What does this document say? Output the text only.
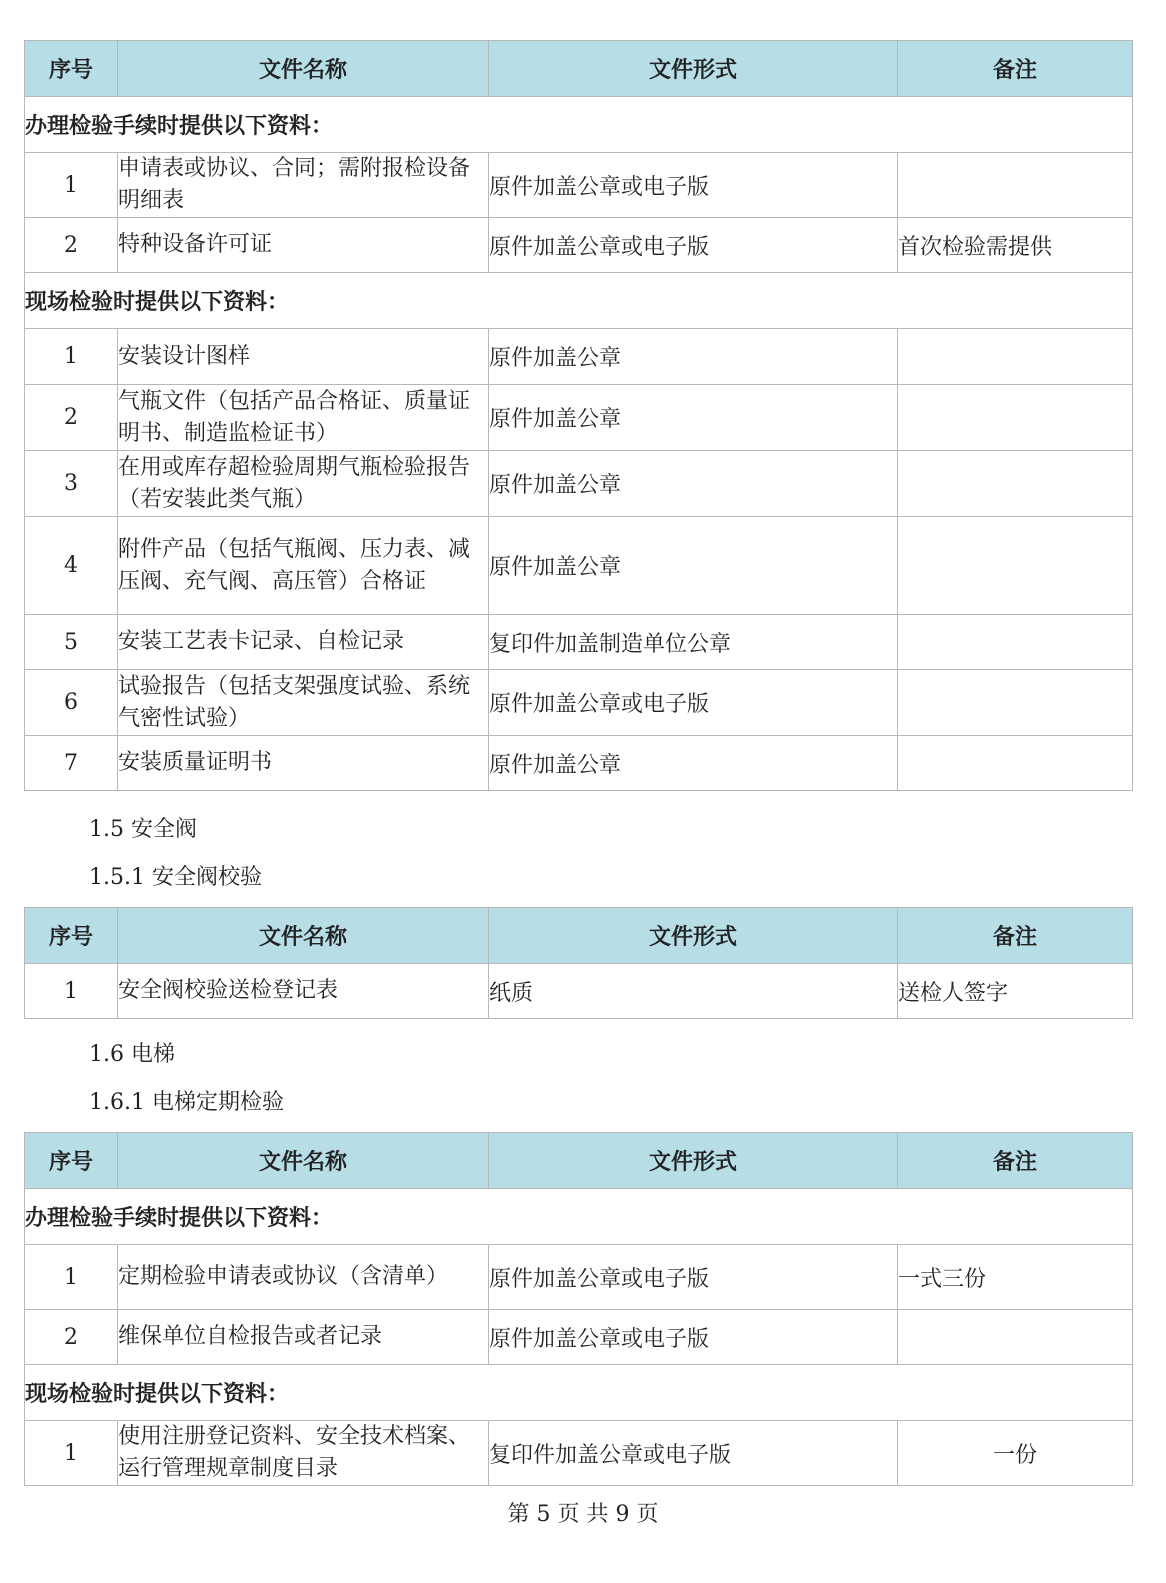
序号	文件名称	文件形式	备注
办理检验手续时提供以下资料：			
1	申请表或协议、合同；需附报检设备明细表	原件加盖公章或电子版	
2	特种设备许可证	原件加盖公章或电子版	首次检验需提供
现场检验时提供以下资料：			
1	安装设计图样	原件加盖公章	
2	气瓶文件（包括产品合格证、质量证明书、制造监检证书）	原件加盖公章	
3	在用或库存超检验周期气瓶检验报告（若安装此类气瓶）	原件加盖公章	
4	附件产品（包括气瓶阀、压力表、减压阀、充气阀、高压管）合格证	原件加盖公章	
5	安装工艺表卡记录、自检记录	复印件加盖制造单位公章	
6	试验报告（包括支架强度试验、系统气密性试验）	原件加盖公章或电子版	
7	安装质量证明书	原件加盖公章	
1.5 安全阀
1.5.1 安全阀校验
序号	文件名称	文件形式	备注
1	安全阀校验送检登记表	纸质	送检人签字
1.6 电梯
1.6.1 电梯定期检验
序号	文件名称	文件形式	备注
办理检验手续时提供以下资料：			
1	定期检验申请表或协议（含清单）	原件加盖公章或电子版	一式三份
2	维保单位自检报告或者记录	原件加盖公章或电子版	
现场检验时提供以下资料：			
1	使用注册登记资料、安全技术档案、运行管理规章制度目录	复印件加盖公章或电子版	一份
第 5 页 共 9 页
